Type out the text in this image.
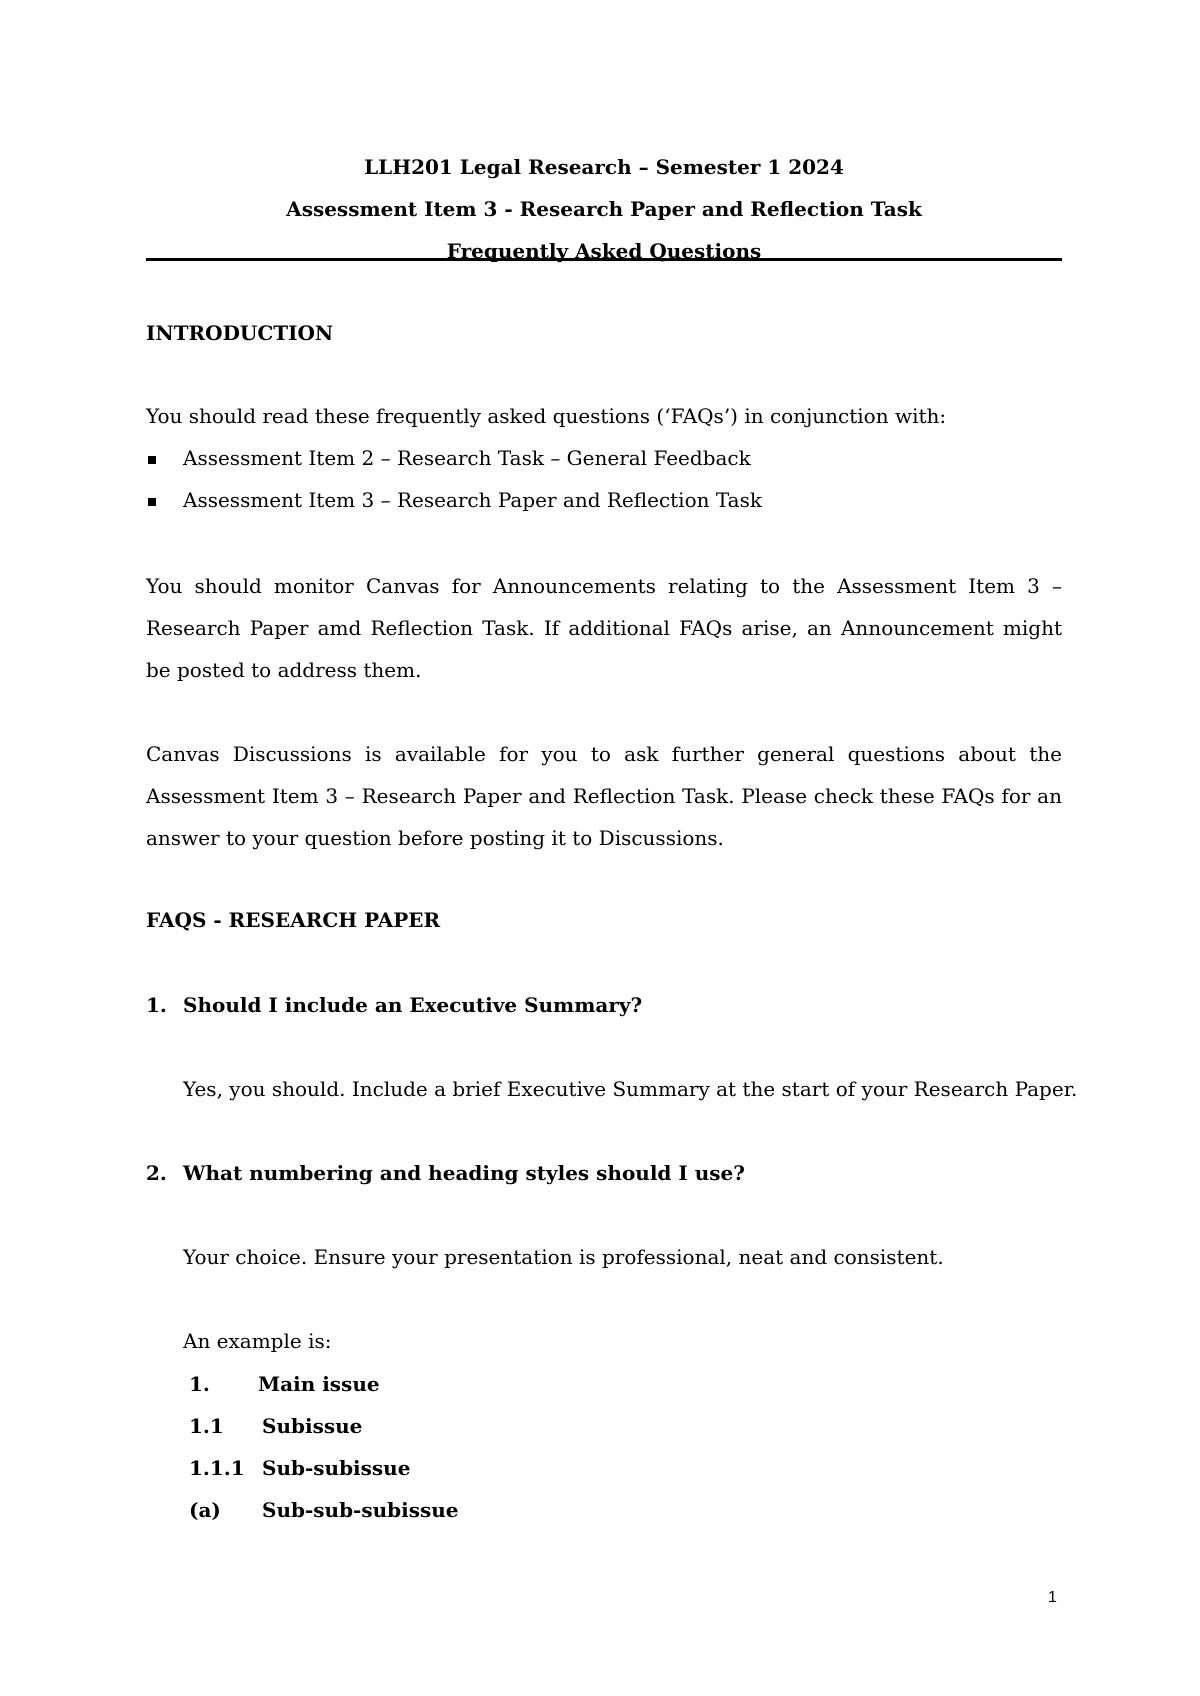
LLH201 Legal Research – Semester 1 2024
Assessment Item 3 - Research Paper and Reflection Task
Frequently Asked Questions
INTRODUCTION
You should read these frequently asked questions (‘FAQs’) in conjunction with:
Assessment Item 2 – Research Task – General Feedback
Assessment Item 3 – Research Paper and Reflection Task
You should monitor Canvas for Announcements relating to the Assessment Item 3 – Research Paper amd Reflection Task. If additional FAQs arise, an Announcement might be posted to address them.
Canvas Discussions is available for you to ask further general questions about the Assessment Item 3 – Research Paper and Reflection Task. Please check these FAQs for an answer to your question before posting it to Discussions.
FAQS - RESEARCH PAPER
1. Should I include an Executive Summary?
Yes, you should. Include a brief Executive Summary at the start of your Research Paper.
2. What numbering and heading styles should I use?
Your choice. Ensure your presentation is professional, neat and consistent.
An example is:
1. Main issue
1.1 Subissue
1.1.1 Sub-subissue
(a) Sub-sub-subissue
1
